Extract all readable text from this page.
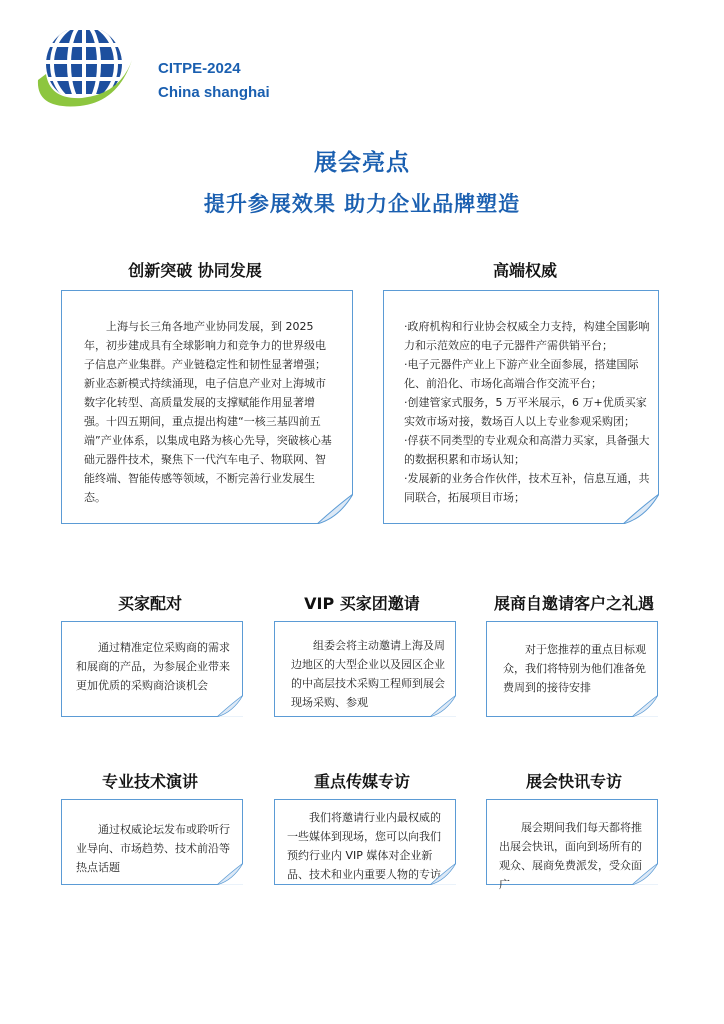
CITPE-2024
China shanghai
展会亮点
提升参展效果 助力企业品牌塑造
创新突破 协同发展
上海与长三角各地产业协同发展，到 2025 年，初步建成具有全球影响力和竞争力的世界级电子信息产业集群。产业链稳定性和韧性显著增强；新业态新模式持续涌现，电子信息产业对上海城市数字化转型、高质量发展的支撑赋能作用显著增强。十四五期间，重点提出构建“一核三基四前五端”产业体系，以集成电路为核心先导，突破核心基础元器件技术，聚焦下一代汽车电子、物联网、智能终端、智能传感等领域，不断完善行业发展生态。
高端权威

·政府机构和行业协会权威全力支持，构建全国影响力和示范效应的电子元器件产需供销平台；

·电子元器件产业上下游产业全面参展，搭建国际化、前沿化、市场化高端合作交流平台；

·创建管家式服务，5 万平米展示，6 万+优质买家实效市场对接，数场百人以上专业参观采购团；

·俘获不同类型的专业观众和高潜力买家，具备强大的数据积累和市场认知；

·发展新的业务合作伙伴，技术互补，信息互通，共同联合，拓展项目市场；

买家配对
通过精准定位采购商的需求和展商的产品，为参展企业带来更加优质的采购商洽谈机会
VIP 买家团邀请
组委会将主动邀请上海及周边地区的大型企业以及园区企业的中高层技术采购工程师到展会现场采购、参观
展商自邀请客户之礼遇
对于您推荐的重点目标观众，我们将特别为他们准备免费周到的接待安排
专业技术演讲
通过权威论坛发布或聆听行业导向、市场趋势、技术前沿等热点话题
重点传媒专访
我们将邀请行业内最权威的一些媒体到现场，您可以向我们预约行业内 VIP 媒体对企业新品、技术和业内重要人物的专访
展会快讯专访
展会期间我们每天都将推出展会快讯，面向到场所有的观众、展商免费派发，受众面广
